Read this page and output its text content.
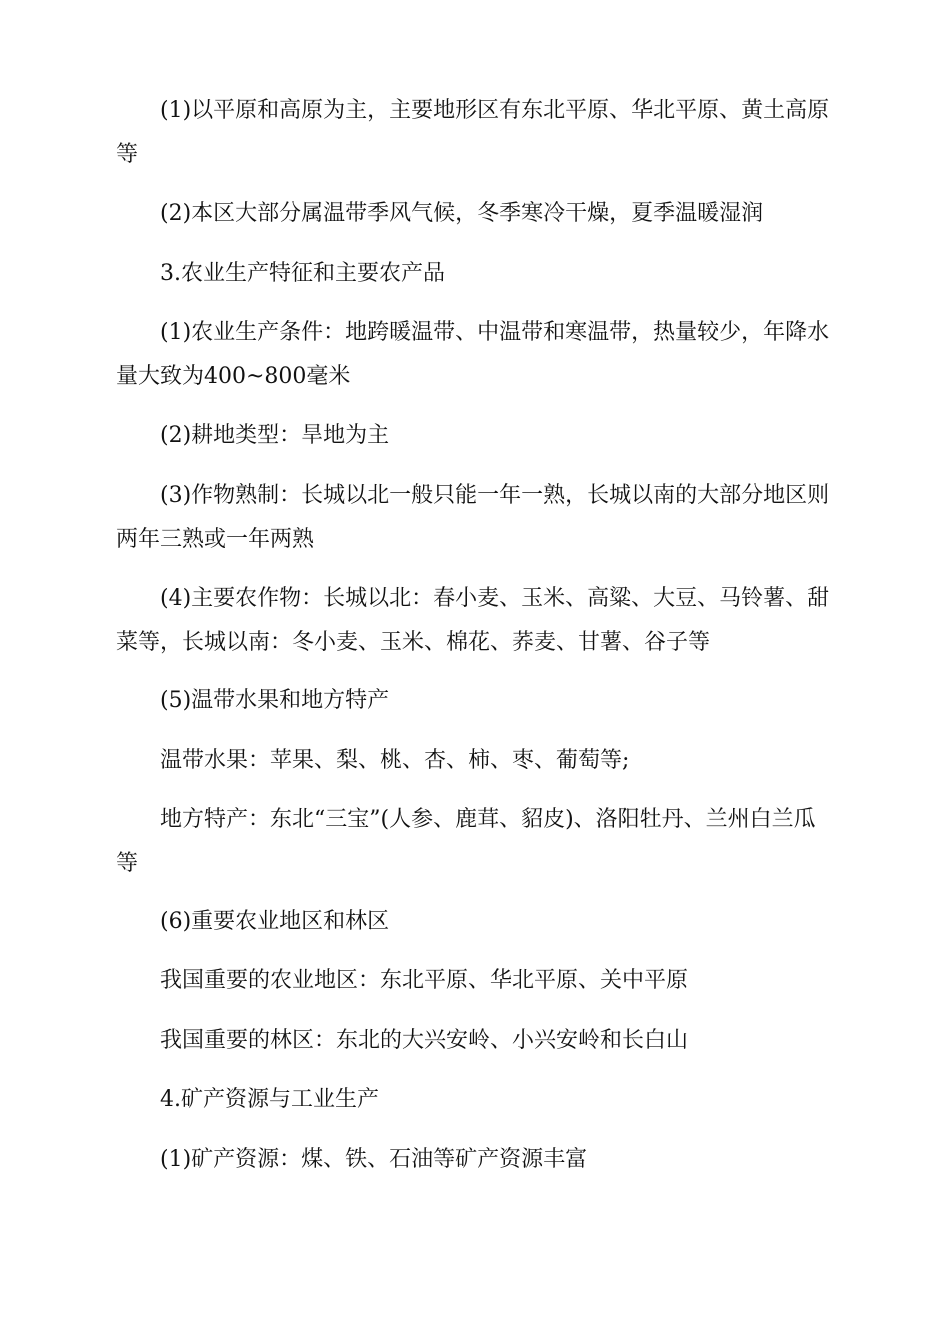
(1)以平原和高原为主，主要地形区有东北平原、华北平原、黄土高原等

(2)本区大部分属温带季风气候，冬季寒冷干燥，夏季温暖湿润

3.农业生产特征和主要农产品

(1)农业生产条件：地跨暖温带、中温带和寒温带，热量较少，年降水量大致为400~800毫米

(2)耕地类型：旱地为主

(3)作物熟制：长城以北一般只能一年一熟，长城以南的大部分地区则两年三熟或一年两熟

(4)主要农作物：长城以北：春小麦、玉米、高粱、大豆、马铃薯、甜菜等，长城以南：冬小麦、玉米、棉花、荞麦、甘薯、谷子等

(5)温带水果和地方特产

温带水果：苹果、梨、桃、杏、柿、枣、葡萄等;

地方特产：东北“三宝”(人参、鹿茸、貂皮)、洛阳牡丹、兰州白兰瓜等

(6)重要农业地区和林区

我国重要的农业地区：东北平原、华北平原、关中平原

我国重要的林区：东北的大兴安岭、小兴安岭和长白山

4.矿产资源与工业生产

(1)矿产资源：煤、铁、石油等矿产资源丰富
